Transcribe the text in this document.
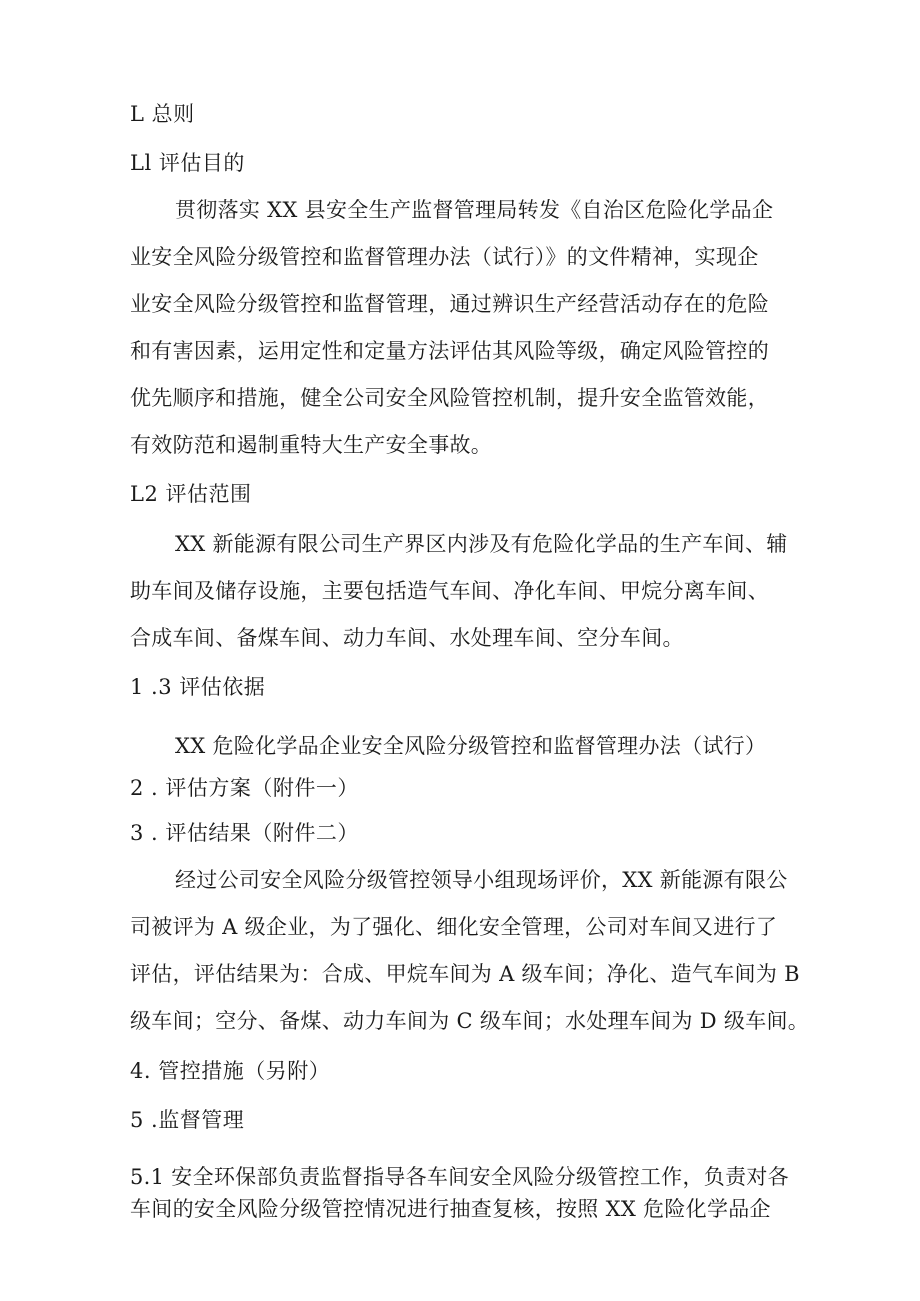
L 总则
Ll 评估目的
贯彻落实 XX 县安全生产监督管理局转发《自治区危险化学品企
业安全风险分级管控和监督管理办法（试行）》的文件精神，实现企
业安全风险分级管控和监督管理，通过辨识生产经营活动存在的危险
和有害因素，运用定性和定量方法评估其风险等级，确定风险管控的
优先顺序和措施，健全公司安全风险管控机制，提升安全监管效能，
有效防范和遏制重特大生产安全事故。
L2 评估范围
XX 新能源有限公司生产界区内涉及有危险化学品的生产车间、辅
助车间及储存设施，主要包括造气车间、净化车间、甲烷分离车间、
合成车间、备煤车间、动力车间、水处理车间、空分车间。
1 .3 评估依据
XX 危险化学品企业安全风险分级管控和监督管理办法（试行）
2 . 评估方案（附件一）
3 . 评估结果（附件二）
经过公司安全风险分级管控领导小组现场评价，XX 新能源有限公
司被评为 A 级企业，为了强化、细化安全管理，公司对车间又进行了
评估，评估结果为：合成、甲烷车间为 A 级车间；净化、造气车间为 B
级车间；空分、备煤、动力车间为 C 级车间；水处理车间为 D 级车间。
4. 管控措施（另附）
5 .监督管理
5.1 安全环保部负责监督指导各车间安全风险分级管控工作，负责对各
车间的安全风险分级管控情况进行抽查复核，按照 XX 危险化学品企
